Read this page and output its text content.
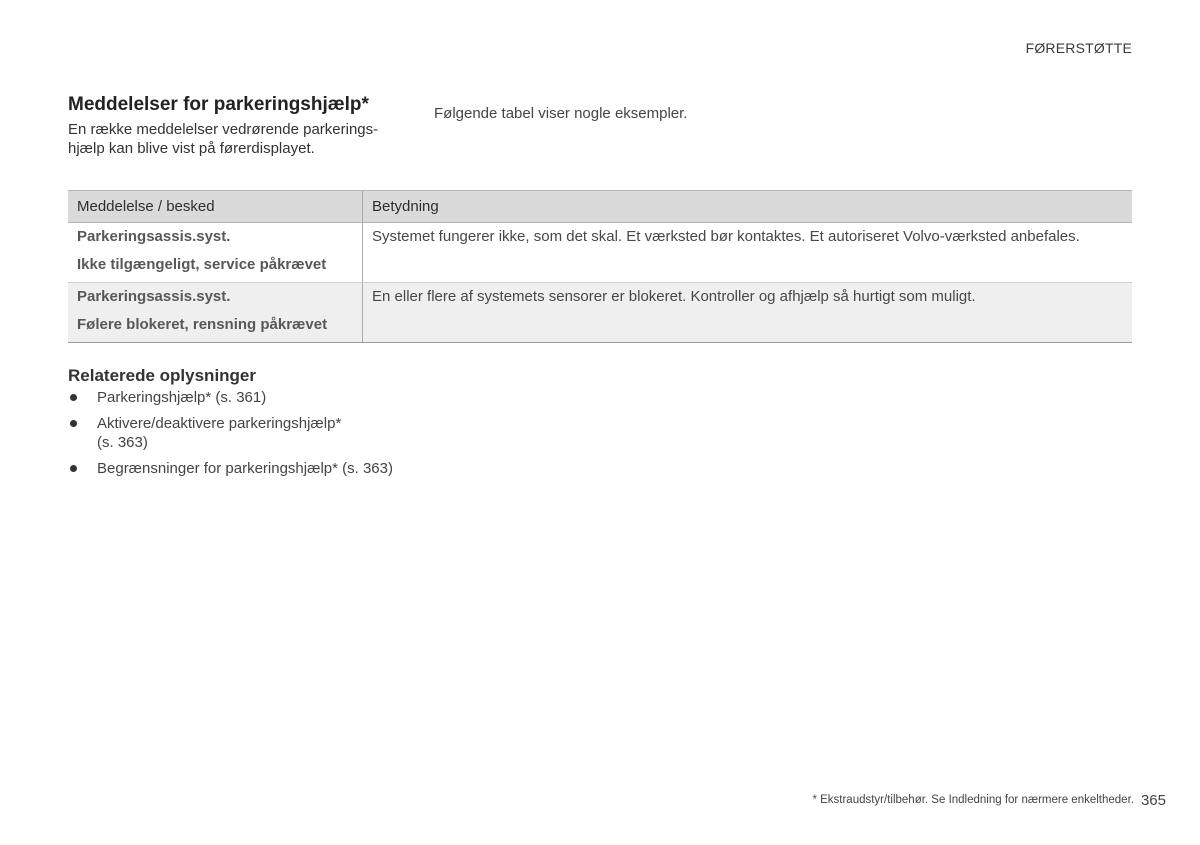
FØRERSTØTTE
Meddelelser for parkeringshjælp*

En række meddelelser vedrørende parkerings-
hjælp kan blive vist på førerdisplayet.

Følgende tabel viser nogle eksempler.

Meddelelse / besked	Betydning
Parkeringsassis.syst.
Ikke tilgængeligt, service påkrævet
Systemet fungerer ikke, som det skal. Et værksted bør kontaktes. Et autoriseret Volvo-værksted anbefales.
Parkeringsassis.syst.
Følere blokeret, rensning påkrævet
En eller flere af systemets sensorer er blokeret. Kontroller og afhjælp så hurtigt som muligt.
Relaterede oplysninger
Parkeringshjælp* (s. 361)
Aktivere/deaktivere parkeringshjælp*
(s. 363)
Begrænsninger for parkeringshjælp* (s. 363)
* Ekstraudstyr/tilbehør. Se Indledning for nærmere enkeltheder. 365
